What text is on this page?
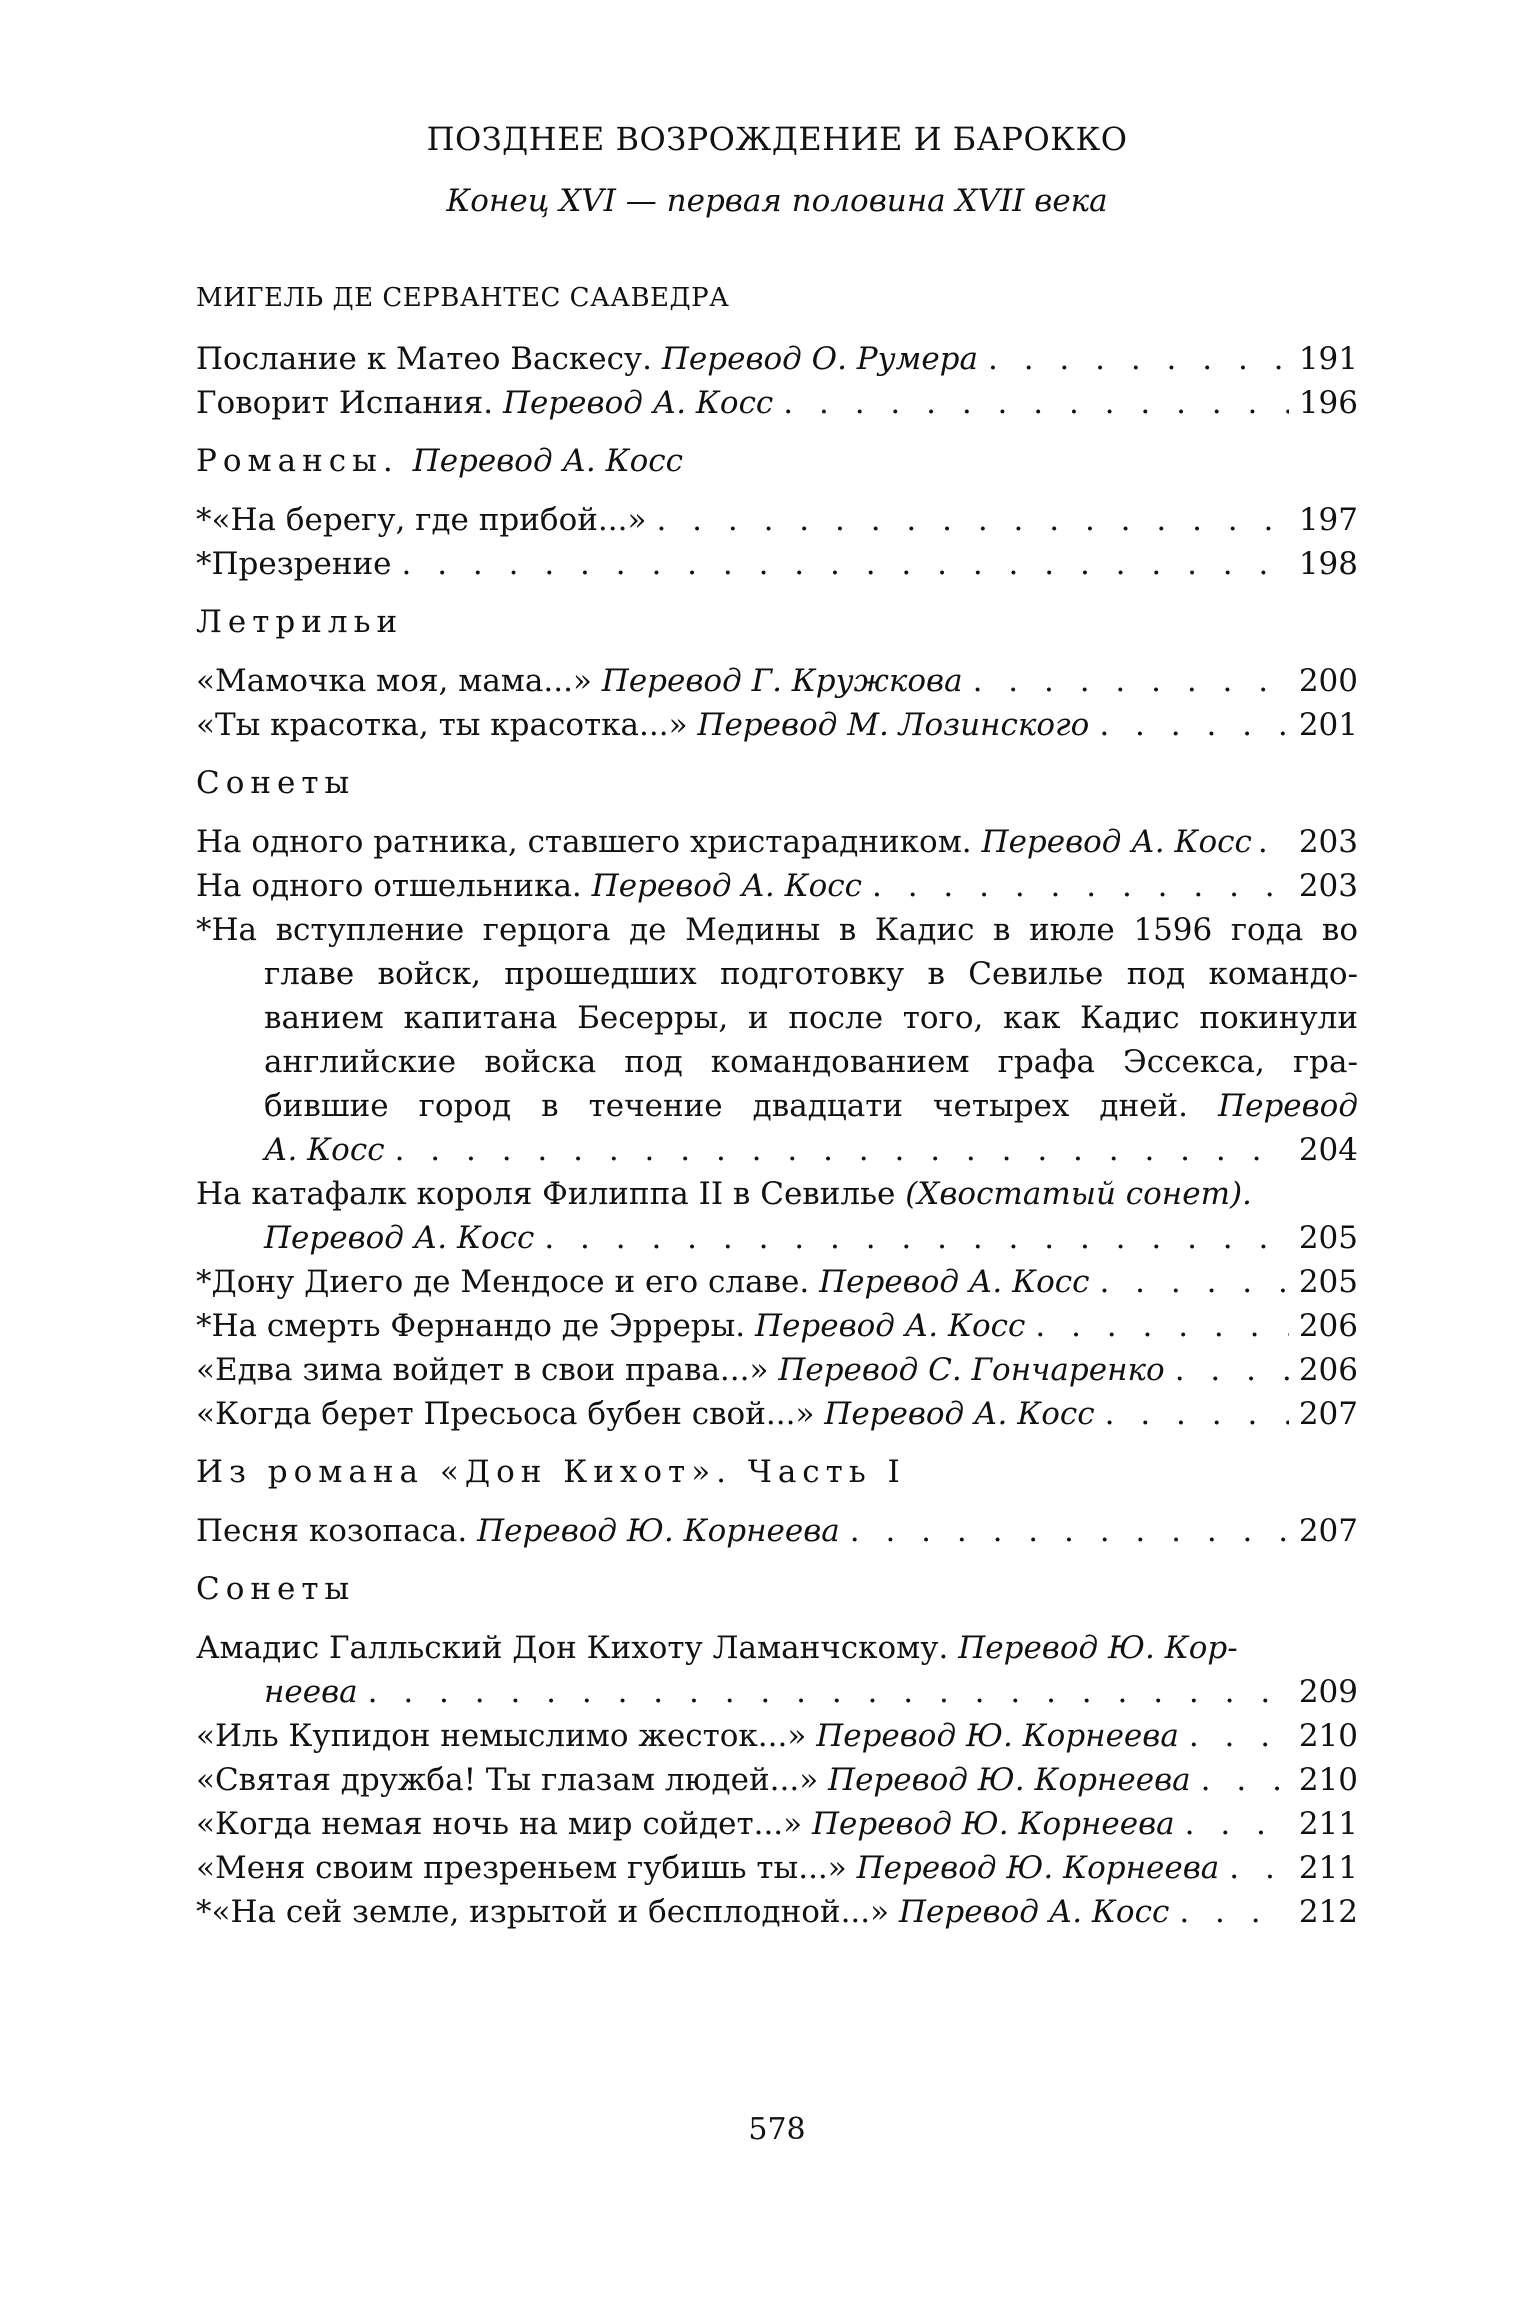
ПОЗДНЕЕ ВОЗРОЖДЕНИЕ И БАРОККО
Конец XVI — первая половина XVII века
МИГЕЛЬ ДЕ СЕРВАНТЕС СААВЕДРА
Послание к Матео Васкесу. Перевод О. Румера . . .	191
Говорит Испания. Перевод А. Косс . . .	196
Романсы. Перевод А. Косс
*«На берегу, где прибой...» . . .	197
*Презрение . . .	198
Летрильи
«Мамочка моя, мама...» Перевод Г. Кружкова . . .	200
«Ты красотка, ты красотка...» Перевод М. Лозинского . . .	201
Сонеты
На одного ратника, ставшего христарадником. Перевод А. Косс . . . 203
На одного отшельника. Перевод А. Косс . . .	203
*На вступление герцога де Медины в Кадис в июле 1596 года во
главе войск, прошедших подготовку в Севилье под командо-
ванием капитана Бесерры, и после того, как Кадис покинули
английские войска под командованием графа Эссекса, гра-
бившие город в течение двадцати четырех дней. Перевод
А. Косс . . .	204
На катафалк короля Филиппа II в Севилье (Хвостатый сонет).
Перевод А. Косс . . .	205
*Дону Диего де Мендосе и его славе. Перевод А. Косс . . .	205
*На смерть Фернандо де Эрреры. Перевод А. Косс . . .	206
«Едва зима войдет в свои права...» Перевод С. Гончаренко . . .	206
«Когда берет Пресьоса бубен свой...» Перевод А. Косс . . .	207
Из романа «Дон Кихот». Часть I
Песня козопаса. Перевод Ю. Корнеева . . .	207
Сонеты
Амадис Галльский Дон Кихоту Ламанчскому. Перевод Ю. Кор-
неева . . .	209
«Иль Купидон немыслимо жесток...» Перевод Ю. Корнеева . . .	210
«Святая дружба! Ты глазам людей...» Перевод Ю. Корнеева . . .	210
«Когда немая ночь на мир сойдет...» Перевод Ю. Корнеева . . .	211
«Меня своим презреньем губишь ты...» Перевод Ю. Корнеева . . .	211
*«На сей земле, изрытой и бесплодной...» Перевод А. Косс . . .	212
578
